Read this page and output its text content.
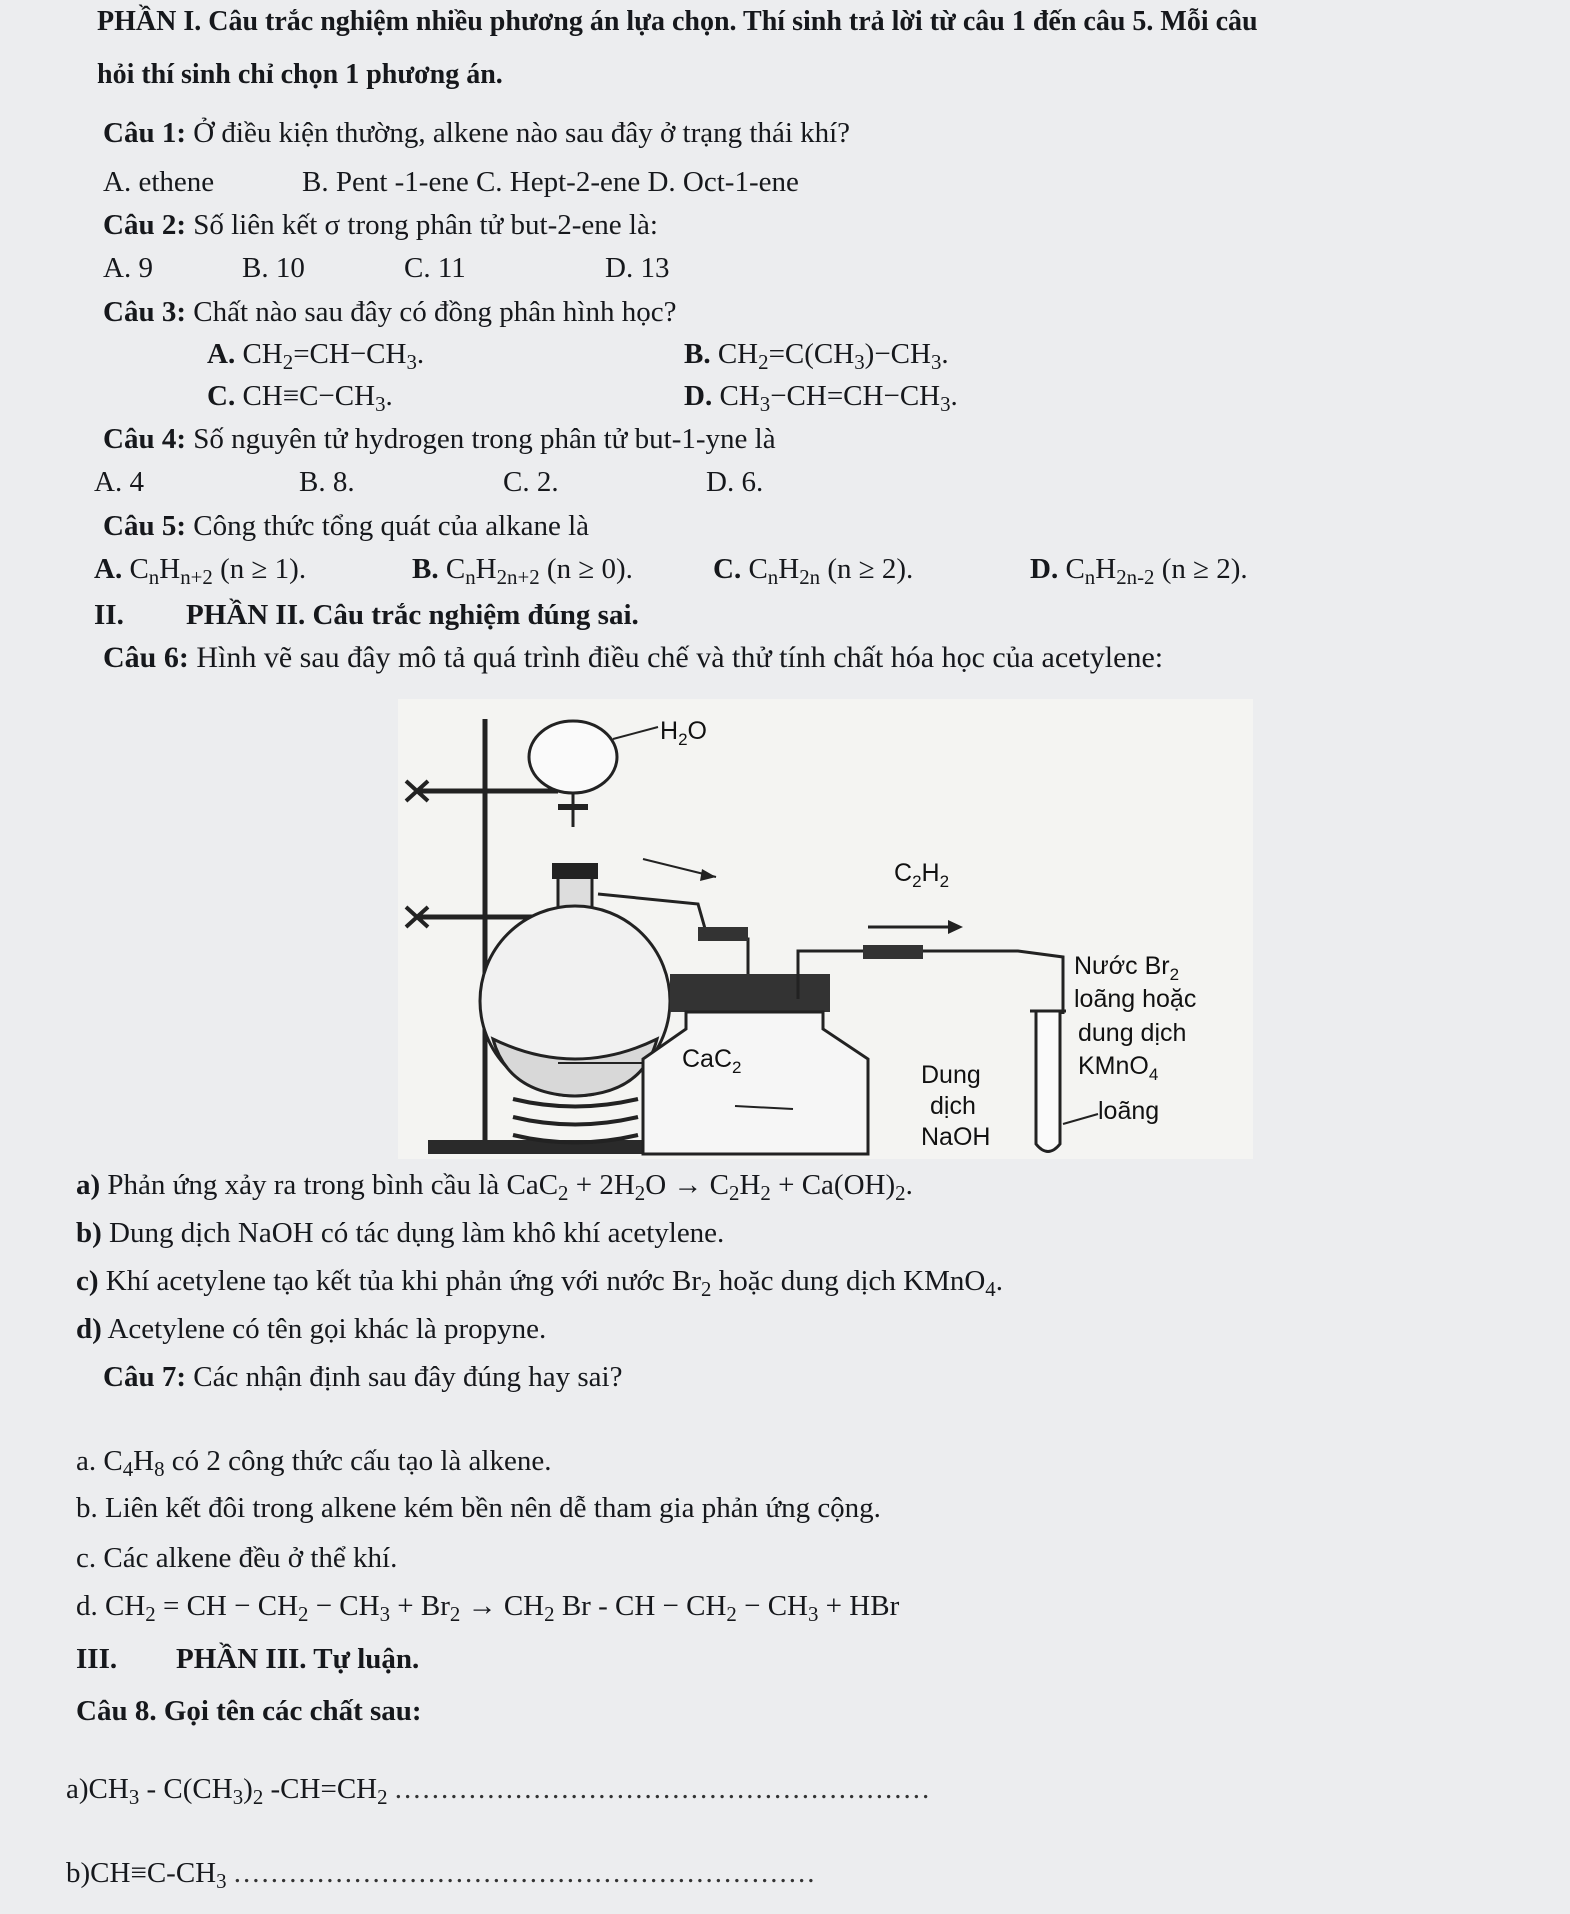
PHẦN I. Câu trắc nghiệm nhiều phương án lựa chọn. Thí sinh trả lời từ câu 1 đến câu 5. Mỗi câu
hỏi thí sinh chỉ chọn 1 phương án.
Câu 1: Ở điều kiện thường, alkene nào sau đây ở trạng thái khí?
A. ethene	B. Pent -1-ene C. Hept-2-ene D. Oct-1-ene
Câu 2: Số liên kết σ trong phân tử but-2-ene là:
A. 9	B. 10	C. 11	D. 13
Câu 3: Chất nào sau đây có đồng phân hình học?
A. $CH_2=CH-CH_3$.	B. $CH_2=C(CH_3)-CH_3$.
C. $CH\equiv C-CH_3$.	D. $CH_3-CH=CH-CH_3$.
Câu 4: Số nguyên tử hydrogen trong phân tử but-1-yne là
A. 4	B. 8.	C. 2.	D. 6.
Câu 5: Công thức tổng quát của alkane là
A. $C_nH_{n+2}$ (n ≥ 1).	B. $C_nH_{2n+2}$ (n ≥ 0).	C. $C_nH_{2n}$ (n ≥ 2).	D. $C_nH_{2n-2}$ (n ≥ 2).
II. PHẦN II. Câu trắc nghiệm đúng sai.
Câu 6: Hình vẽ sau đây mô tả quá trình điều chế và thử tính chất hóa học của acetylene:
$H_2O$
$C_2H_2$
CaC$_2$	Dung
dịch
NaOH
Nước $Br_2$
loãng hoặc
dung dịch
KMnO$_4$
loãng
a) Phản ứng xảy ra trong bình cầu là $CaC_2 + 2H_2O \to C_2H_2 + Ca(OH)_2$.
b) Dung dịch NaOH có tác dụng làm khô khí acetylene.
c) Khí acetylene tạo kết tủa khi phản ứng với nước $Br_2$ hoặc dung dịch KMnO$_4$.
d) Acetylene có tên gọi khác là propyne.
Câu 7: Các nhận định sau đây đúng hay sai?
a. $C_4H_8$ có 2 công thức cấu tạo là alkene.
b. Liên kết đôi trong alkene kém bền nên dễ tham gia phản ứng cộng.
c. Các alkene đều ở thể khí.
d. $CH_2$ = CH − $CH_2 - CH_3 + Br_2 \to CH_2$ Br - CH − $CH_2 - CH_3$ + HBr
III. PHẦN III. Tự luận.
Câu 8. Gọi tên các chất sau:
$a)CH_3 - C(CH_3)_2$ $-CH=CH_2$ ..........................................................
$b)CH\equiv C-CH_3$ ...............................................................
